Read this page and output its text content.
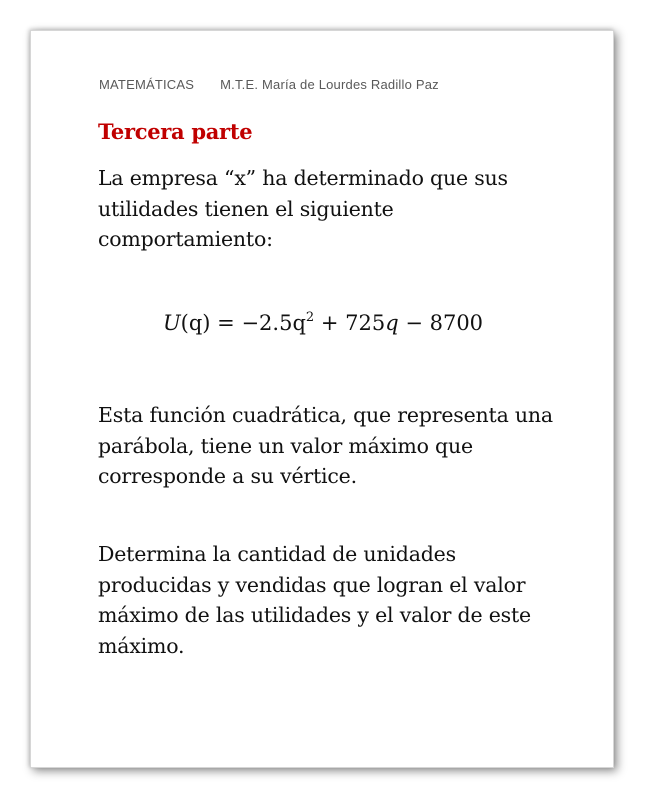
MATEMÁTICAS M.T.E. María de Lourdes Radillo Paz
Tercera parte

La empresa “x” ha determinado que sus utilidades tienen el siguiente comportamiento:

$U(q) = -2.5q^2 + 725q - 8700$

Esta función cuadrática, que representa una parábola, tiene un valor máximo que corresponde a su vértice.

Determina la cantidad de unidades producidas y vendidas que logran el valor máximo de las utilidades y el valor de este máximo.
